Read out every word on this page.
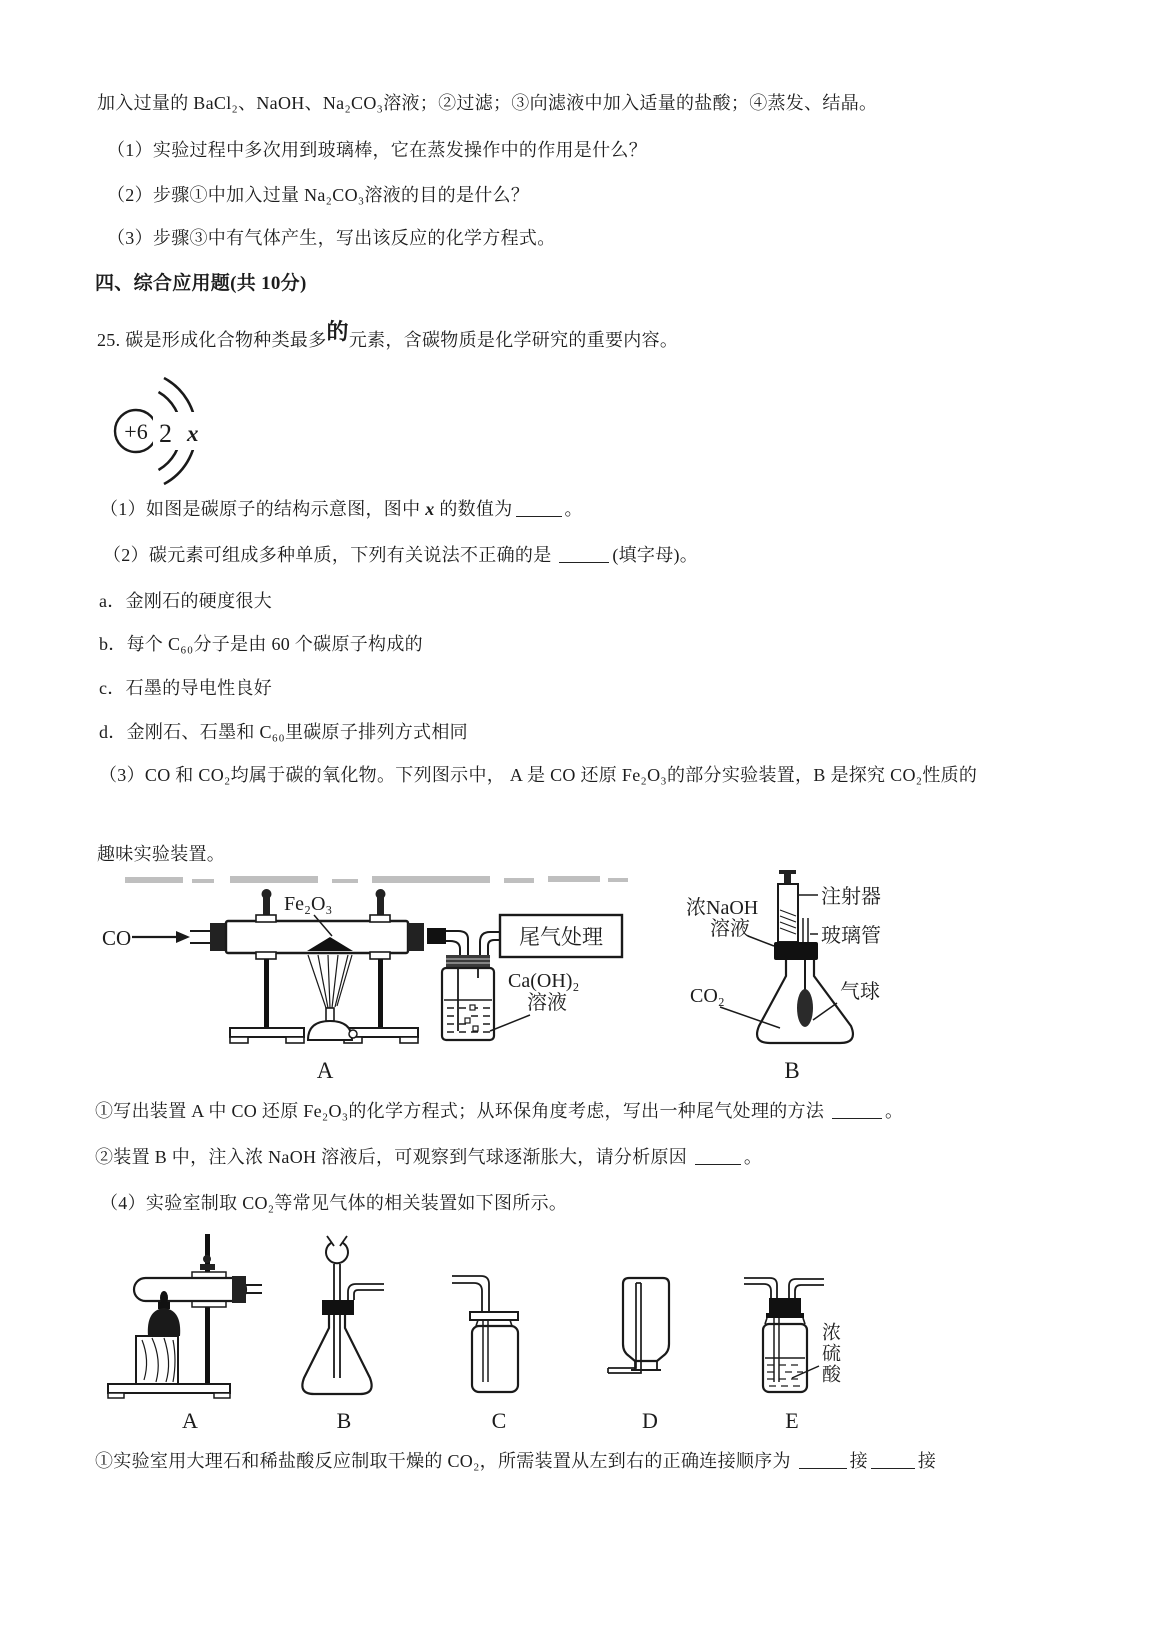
加入过量的 BaCl₂、NaOH、Na₂CO₃溶液；②过滤；③向滤液中加入适量的盐酸；④蒸发、结晶。
（1）实验过程中多次用到玻璃棒，它在蒸发操作中的作用是什么？
（2）步骤①中加入过量 Na₂CO₃溶液的目的是什么？
（3）步骤③中有气体产生，写出该反应的化学方程式。
四、综合应用题(共 10分)
25. 碳是形成化合物种类最多的元素，含碳物质是化学研究的重要内容。
+6 2 x
（1）如图是碳原子的结构示意图，图中 x 的数值为	。
（2）碳元素可组成多种单质，下列有关说法不正确的是	(填字母)。
a．金刚石的硬度很大
b．每个 C₆₀分子是由 60 个碳原子构成的
c．石墨的导电性良好
d．金刚石、石墨和 C₆₀里碳原子排列方式相同
（3）CO 和 CO₂均属于碳的氧化物。下列图示中， A 是 CO 还原 Fe₂O₃的部分实验装置，B 是探究 CO₂性质的
趣味实验装置。
CO
Fe₂O₃
尾气处理
Ca(OH)₂
溶液
A
浓NaOH
溶液
注射器
玻璃管
CO₂	气球
B
①写出装置 A 中 CO 还原 Fe₂O₃的化学方程式；从环保角度考虑，写出一种尾气处理的方法	。
②装置 B 中，注入浓 NaOH 溶液后，可观察到气球逐渐胀大，请分析原因	。
（4）实验室制取 CO₂等常见气体的相关装置如下图所示。
A	B	C	D	E
浓硫酸
①实验室用大理石和稀盐酸反应制取干燥的 CO₂，所需装置从左到右的正确连接顺序为	接	接
